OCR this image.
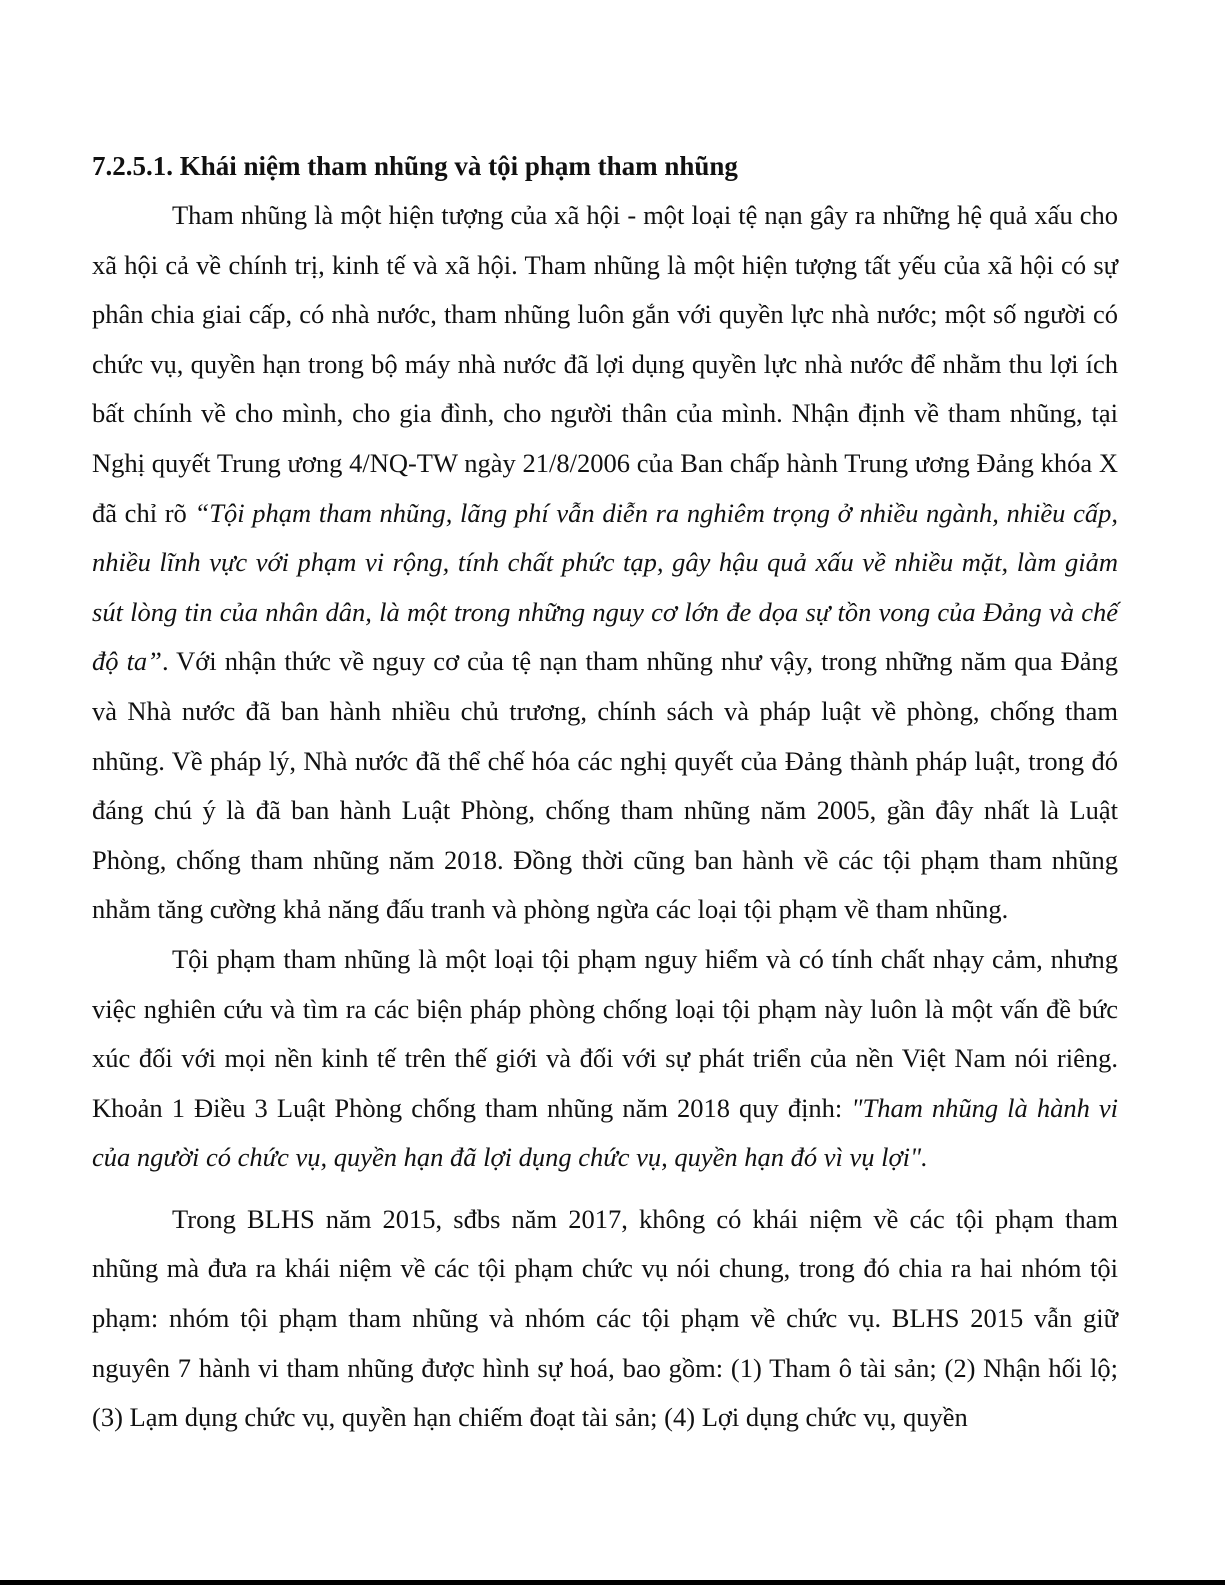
7.2.5.1. Khái niệm tham nhũng và tội phạm tham nhũng

Tham nhũng là một hiện tượng của xã hội - một loại tệ nạn gây ra những hệ quả xấu cho xã hội cả về chính trị, kinh tế và xã hội. Tham nhũng là một hiện tượng tất yếu của xã hội có sự phân chia giai cấp, có nhà nước, tham nhũng luôn gắn với quyền lực nhà nước; một số người có chức vụ, quyền hạn trong bộ máy nhà nước đã lợi dụng quyền lực nhà nước để nhằm thu lợi ích bất chính về cho mình, cho gia đình, cho người thân của mình. Nhận định về tham nhũng, tại Nghị quyết Trung ương 4/NQ-TW ngày 21/8/2006 của Ban chấp hành Trung ương Đảng khóa X đã chỉ rõ “Tội phạm tham nhũng, lãng phí vẫn diễn ra nghiêm trọng ở nhiều ngành, nhiều cấp, nhiều lĩnh vực với phạm vi rộng, tính chất phức tạp, gây hậu quả xấu về nhiều mặt, làm giảm sút lòng tin của nhân dân, là một trong những nguy cơ lớn đe dọa sự tồn vong của Đảng và chế độ ta”. Với nhận thức về nguy cơ của tệ nạn tham nhũng như vậy, trong những năm qua Đảng và Nhà nước đã ban hành nhiều chủ trương, chính sách và pháp luật về phòng, chống tham nhũng. Về pháp lý, Nhà nước đã thể chế hóa các nghị quyết của Đảng thành pháp luật, trong đó đáng chú ý là đã ban hành Luật Phòng, chống tham nhũng năm 2005, gần đây nhất là Luật Phòng, chống tham nhũng năm 2018. Đồng thời cũng ban hành về các tội phạm tham nhũng nhằm tăng cường khả năng đấu tranh và phòng ngừa các loại tội phạm về tham nhũng.

Tội phạm tham nhũng là một loại tội phạm nguy hiểm và có tính chất nhạy cảm, nhưng việc nghiên cứu và tìm ra các biện pháp phòng chống loại tội phạm này luôn là một vấn đề bức xúc đối với mọi nền kinh tế trên thế giới và đối với sự phát triển của nền Việt Nam nói riêng. Khoản 1 Điều 3 Luật Phòng chống tham nhũng năm 2018 quy định: "Tham nhũng là hành vi của người có chức vụ, quyền hạn đã lợi dụng chức vụ, quyền hạn đó vì vụ lợi".

Trong BLHS năm 2015, sđbs năm 2017, không có khái niệm về các tội phạm tham nhũng mà đưa ra khái niệm về các tội phạm chức vụ nói chung, trong đó chia ra hai nhóm tội phạm: nhóm tội phạm tham nhũng và nhóm các tội phạm về chức vụ. BLHS 2015 vẫn giữ nguyên 7 hành vi tham nhũng được hình sự hoá, bao gồm: (1) Tham ô tài sản; (2) Nhận hối lộ; (3) Lạm dụng chức vụ, quyền hạn chiếm đoạt tài sản; (4) Lợi dụng chức vụ, quyền
